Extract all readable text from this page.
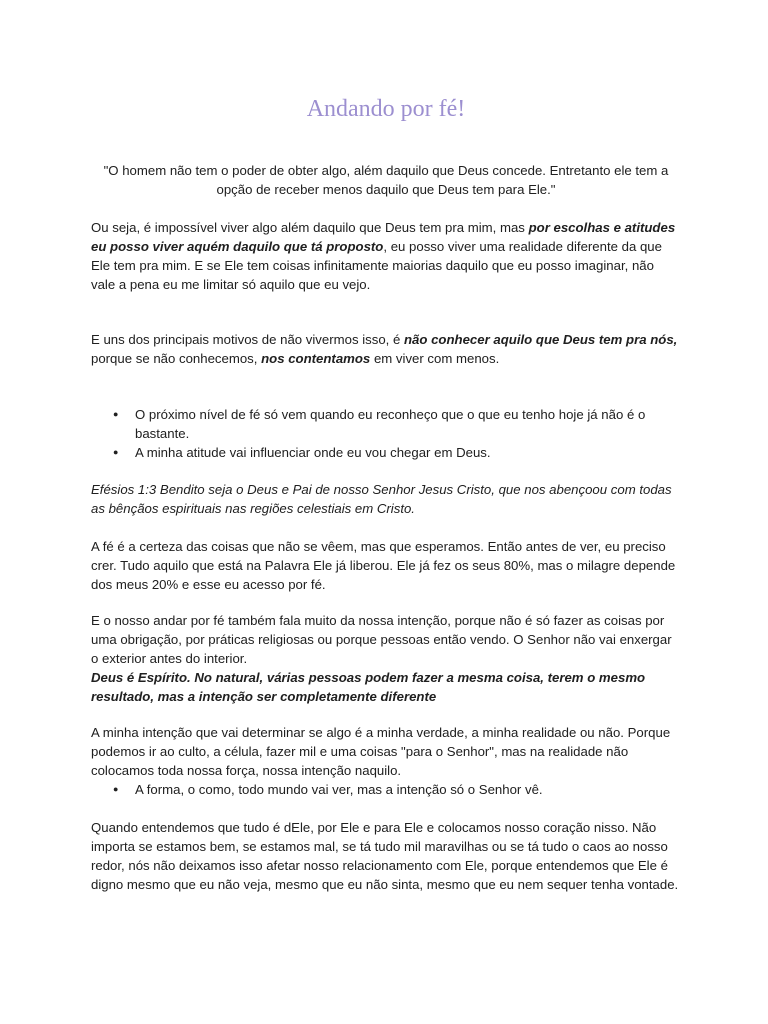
Andando por fé!

"O homem não tem o poder de obter algo, além daquilo que Deus concede. Entretanto ele tem a opção de receber menos daquilo que Deus tem para Ele."

Ou seja, é impossível viver algo além daquilo que Deus tem pra mim, mas por escolhas e atitudes eu posso viver aquém daquilo que tá proposto, eu posso viver uma realidade diferente da que Ele tem pra mim. E se Ele tem coisas infinitamente maiorias daquilo que eu posso imaginar, não vale a pena eu me limitar só aquilo que eu vejo.

E uns dos principais motivos de não vivermos isso, é não conhecer aquilo que Deus tem pra nós, porque se não conhecemos, nos contentamos em viver com menos.

● O próximo nível de fé só vem quando eu reconheço que o que eu tenho hoje já não é o bastante.
● A minha atitude vai influenciar onde eu vou chegar em Deus.

Efésios 1:3 Bendito seja o Deus e Pai de nosso Senhor Jesus Cristo, que nos abençoou com todas as bênçãos espirituais nas regiões celestiais em Cristo.

A fé é a certeza das coisas que não se vêem, mas que esperamos. Então antes de ver, eu preciso crer. Tudo aquilo que está na Palavra Ele já liberou. Ele já fez os seus 80%, mas o milagre depende dos meus 20% e esse eu acesso por fé.

E o nosso andar por fé também fala muito da nossa intenção, porque não é só fazer as coisas por uma obrigação, por práticas religiosas ou porque pessoas então vendo. O Senhor não vai enxergar o exterior antes do interior.

Deus é Espírito. No natural, várias pessoas podem fazer a mesma coisa, terem o mesmo resultado, mas a intenção ser completamente diferente

A minha intenção que vai determinar se algo é a minha verdade, a minha realidade ou não. Porque podemos ir ao culto, a célula, fazer mil e uma coisas "para o Senhor", mas na realidade não colocamos toda nossa força, nossa intenção naquilo.

● A forma, o como, todo mundo vai ver, mas a intenção só o Senhor vê.

Quando entendemos que tudo é dEle, por Ele e para Ele e colocamos nosso coração nisso. Não importa se estamos bem, se estamos mal, se tá tudo mil maravilhas ou se tá tudo o caos ao nosso redor, nós não deixamos isso afetar nosso relacionamento com Ele, porque entendemos que Ele é digno mesmo que eu não veja, mesmo que eu não sinta, mesmo que eu nem sequer tenha vontade.
